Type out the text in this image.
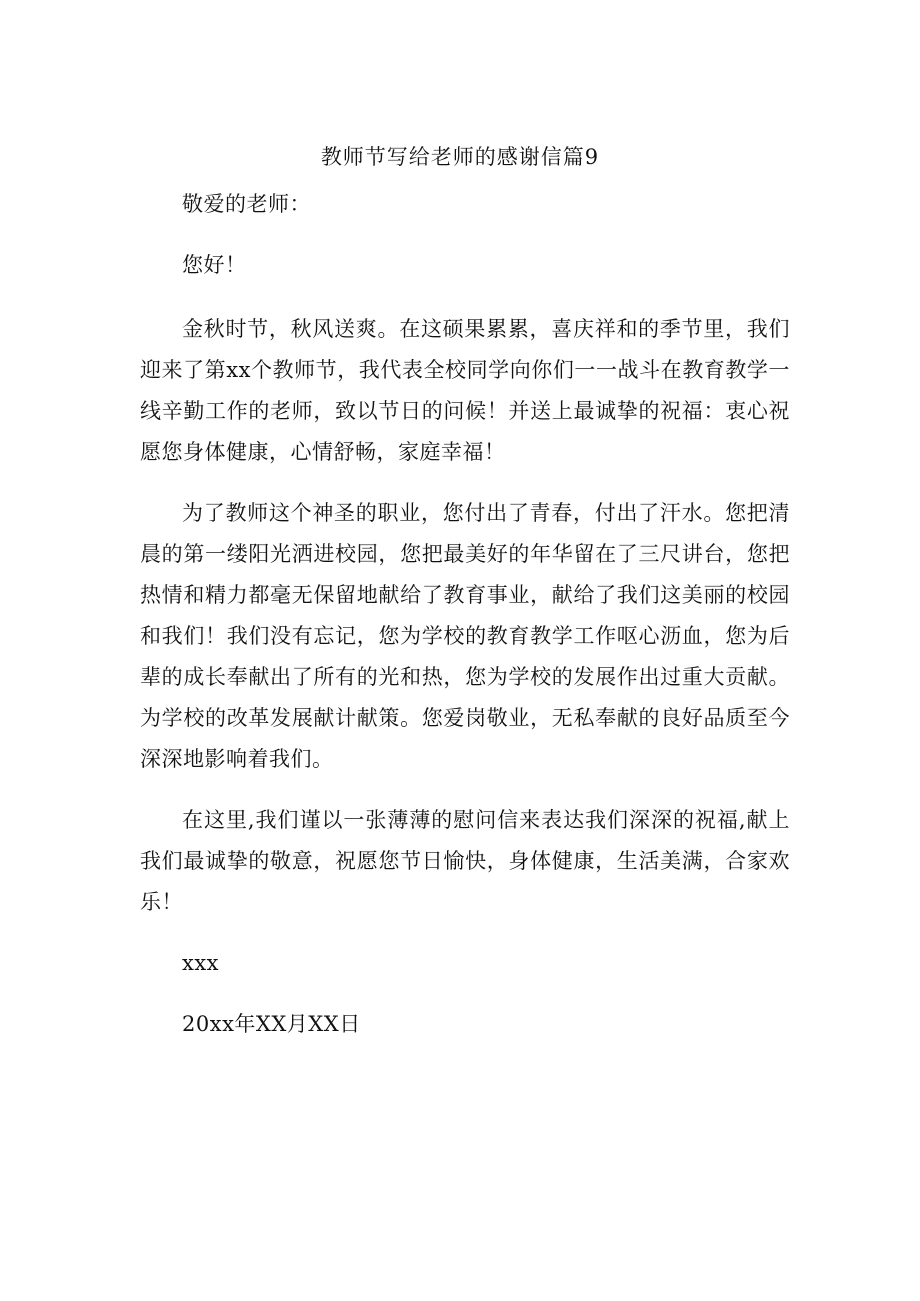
教师节写给老师的感谢信篇9

敬爱的老师：

您好！

金秋时节，秋风送爽。在这硕果累累，喜庆祥和的季节里，我们迎来了第xx个教师节，我代表全校同学向你们一一战斗在教育教学一线辛勤工作的老师，致以节日的问候！并送上最诚挚的祝福：衷心祝愿您身体健康，心情舒畅，家庭幸福！

为了教师这个神圣的职业，您付出了青春，付出了汗水。您把清晨的第一缕阳光洒进校园，您把最美好的年华留在了三尺讲台，您把热情和精力都毫无保留地献给了教育事业，献给了我们这美丽的校园和我们！我们没有忘记，您为学校的教育教学工作呕心沥血，您为后辈的成长奉献出了所有的光和热，您为学校的发展作出过重大贡献。为学校的改革发展献计献策。您爱岗敬业，无私奉献的良好品质至今深深地影响着我们。

在这里,我们谨以一张薄薄的慰问信来表达我们深深的祝福,献上我们最诚挚的敬意，祝愿您节日愉快，身体健康，生活美满，合家欢乐！

xxx

20xx年XX月XX日
